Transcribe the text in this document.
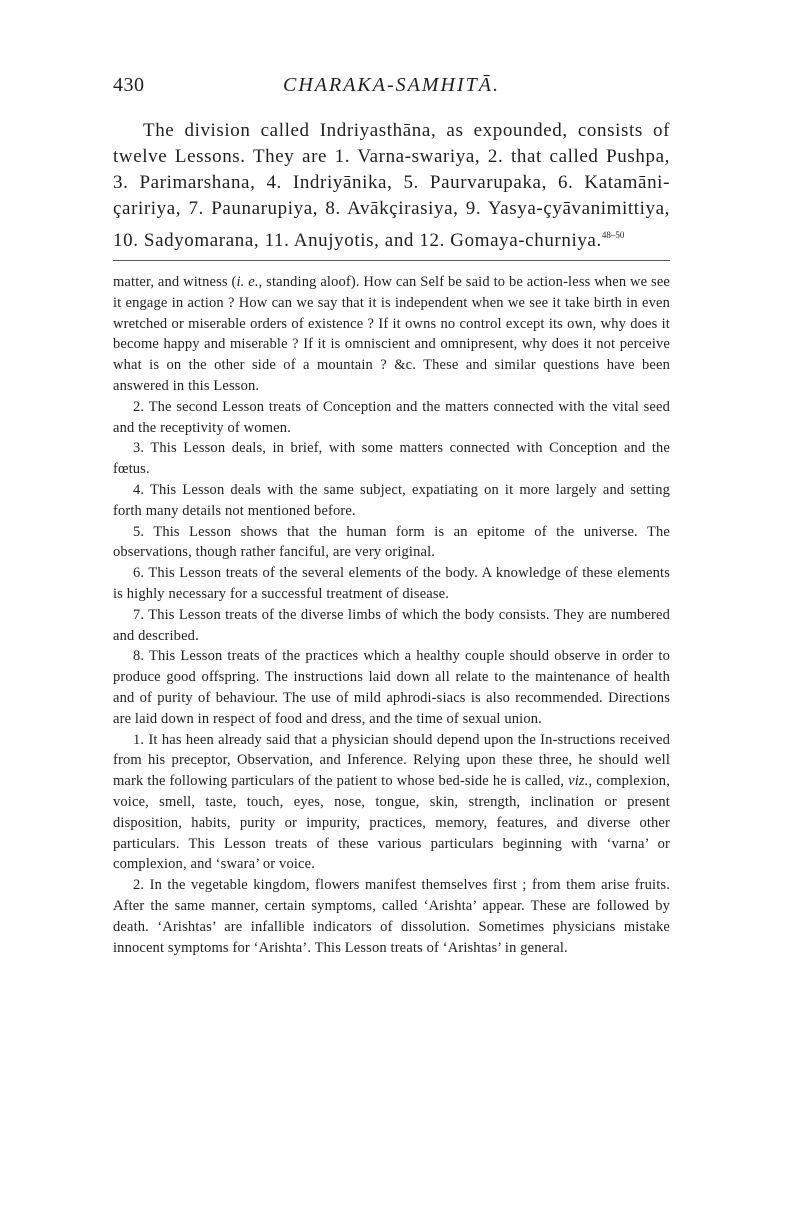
430	CHARAKA-SAMHITĀ.

The division called Indriyasthāna, as expounded, consists of twelve Lessons. They are 1. Varna-swariya, 2. that called Pushpa, 3. Parimarshana, 4. Indriyānika, 5. Paurvarupaka, 6. Katamāni-çaririya, 7. Paunarupiya, 8. Avākçirasiya, 9. Yasya-çyāvanimittiya, 10. Sadyomarana, 11. Anujyotis, and 12. Gomaya-churniya.$^{48-50}$

matter, and witness (i. e., standing aloof). How can Self be said to be action-less when we see it engage in action ? How can we say that it is independent when we see it take birth in even wretched or miserable orders of existence ? If it owns no control except its own, why does it become happy and miserable ? If it is omniscient and omnipresent, why does it not perceive what is on the other side of a mountain ? &c. These and similar questions have been answered in this Lesson.

2. The second Lesson treats of Conception and the matters connected with the vital seed and the receptivity of women.

3. This Lesson deals, in brief, with some matters connected with Conception and the fœtus.

4. This Lesson deals with the same subject, expatiating on it more largely and setting forth many details not mentioned before.

5. This Lesson shows that the human form is an epitome of the universe. The observations, though rather fanciful, are very original.

6. This Lesson treats of the several elements of the body. A knowledge of these elements is highly necessary for a successful treatment of disease.

7. This Lesson treats of the diverse limbs of which the body consists. They are numbered and described.

8. This Lesson treats of the practices which a healthy couple should observe in order to produce good offspring. The instructions laid down all relate to the maintenance of health and of purity of behaviour. The use of mild aphrodi-siacs is also recommended. Directions are laid down in respect of food and dress, and the time of sexual union.

1. It has heen already said that a physician should depend upon the In-structions received from his preceptor, Observation, and Inference. Relying upon these three, he should well mark the following particulars of the patient to whose bed-side he is called, viz., complexion, voice, smell, taste, touch, eyes, nose, tongue, skin, strength, inclination or present disposition, habits, purity or impurity, practices, memory, features, and diverse other particulars. This Lesson treats of these various particulars beginning with ‘varna’ or complexion, and ‘swara’ or voice.

2. In the vegetable kingdom, flowers manifest themselves first ; from them arise fruits. After the same manner, certain symptoms, called ‘Arishta’ appear. These are followed by death. ‘Arishtas’ are infallible indicators of dissolution. Sometimes physicians mistake innocent symptoms for ‘Arishta’. This Lesson treats of ‘Arishtas’ in general.
